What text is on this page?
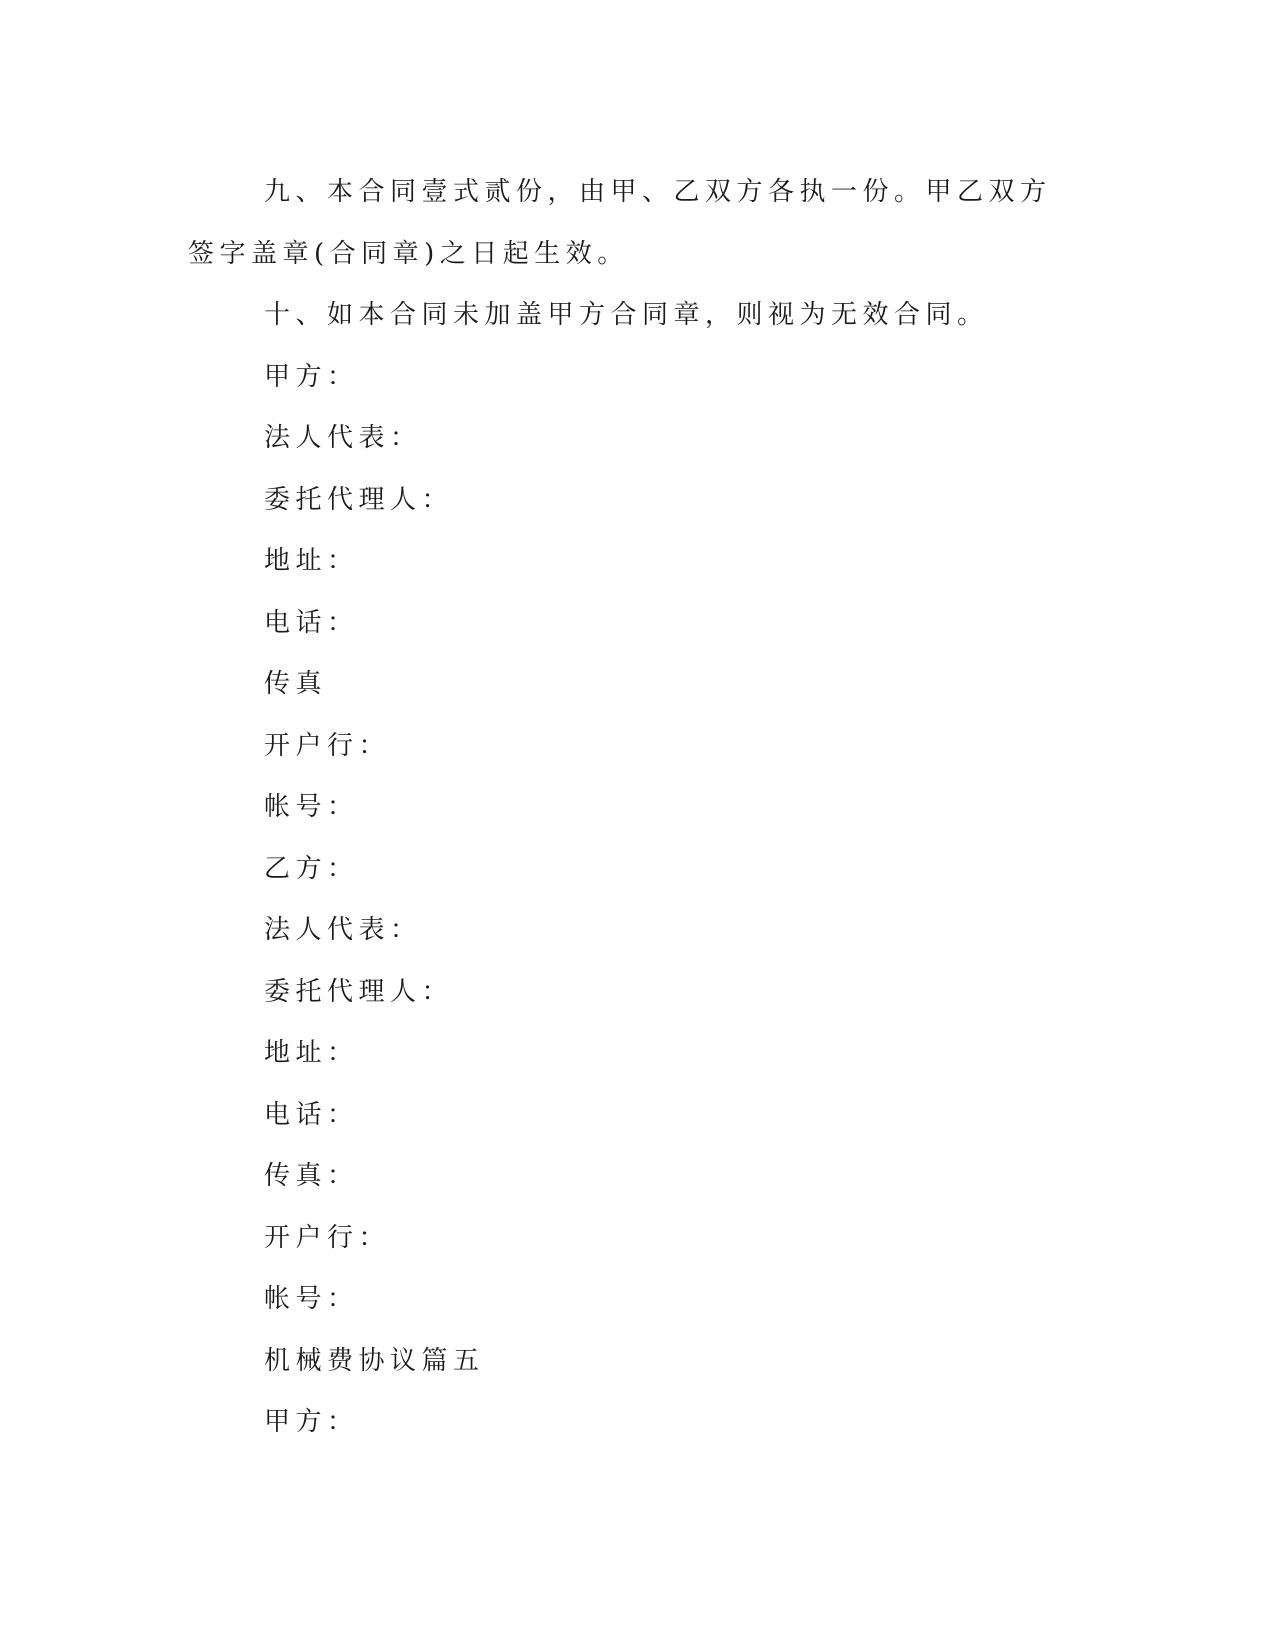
九、本合同壹式贰份，由甲、乙双方各执一份。甲乙双方签字盖章(合同章)之日起生效。

十、如本合同未加盖甲方合同章，则视为无效合同。

甲方：

法人代表：

委托代理人：

地址：

电话：

传真

开户行：

帐号：

乙方：

法人代表：

委托代理人：

地址：

电话：

传真：

开户行：

帐号：

机械费协议篇五

甲方：
